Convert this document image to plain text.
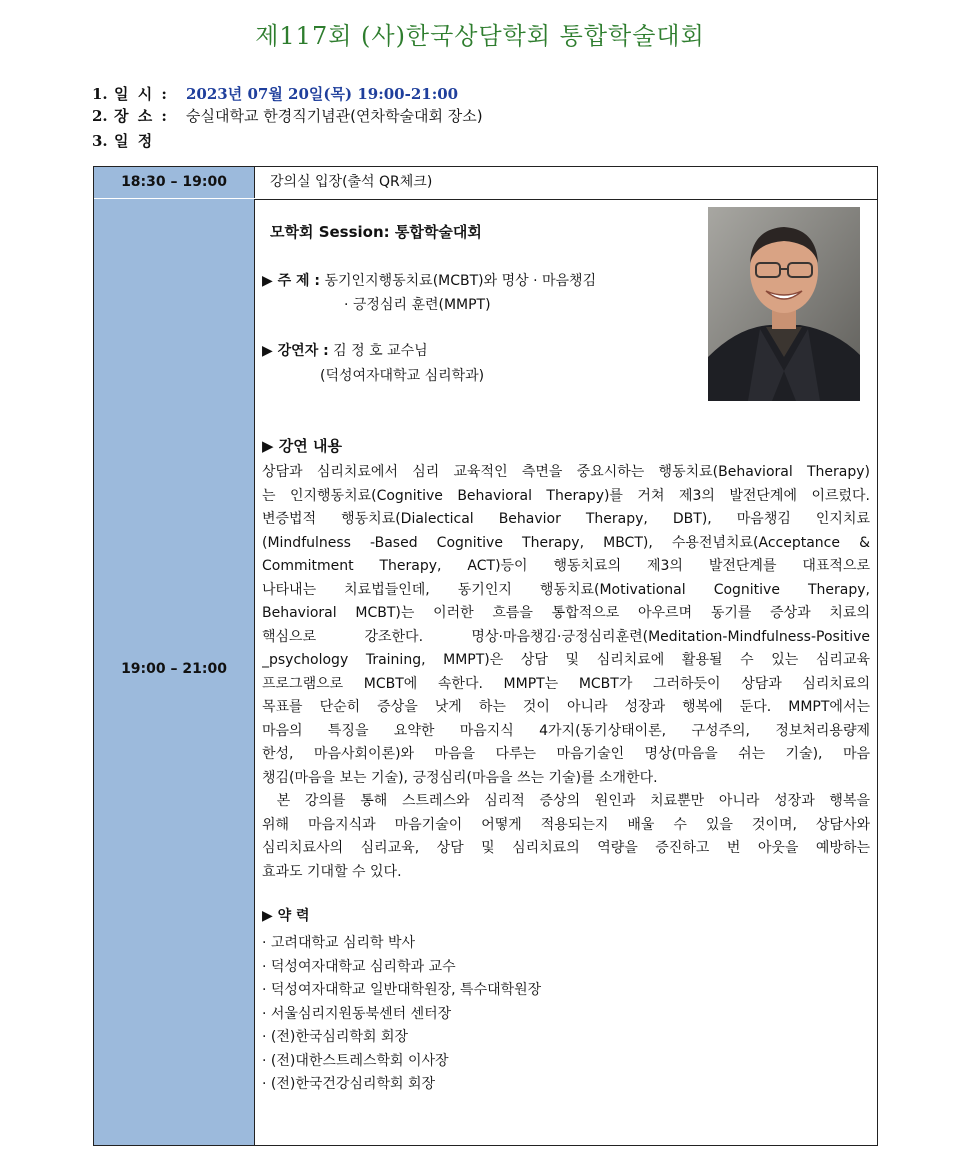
제117회 (사)한국상담학회 통합학술대회
1. 일 시 : 2023년 07월 20일(목) 19:00-21:00
2. 장 소 : 숭실대학교 한경직기념관(연차학술대회 장소)
3. 일 정
18:30 – 19:00	강의실 입장(출석 QR체크)
19:00 – 21:00
모학회 Session: 통합학술대회
▶ 주 제 : 동기인지행동치료(MCBT)와 명상 · 마음챙김
· 긍정심리 훈련(MMPT)
▶ 강연자 : 김 정 호 교수님
(덕성여자대학교 심리학과)
▶ 강연 내용
상담과 심리치료에서 심리 교육적인 측면을 중요시하는 행동치료(Behavioral Therapy)
는 인지행동치료(Cognitive Behavioral Therapy)를 거쳐 제3의 발전단계에 이르렀다.
변증법적 행동치료(Dialectical Behavior Therapy, DBT), 마음챙김 인지치료
(Mindfulness -Based Cognitive Therapy, MBCT), 수용전념치료(Acceptance &
Commitment Therapy, ACT)등이 행동치료의 제3의 발전단계를 대표적으로
나타내는 치료법들인데, 동기인지 행동치료(Motivational Cognitive Therapy,
Behavioral MCBT)는 이러한 흐름을 통합적으로 아우르며 동기를 증상과 치료의
핵심으로 강조한다. 명상·마음챙김·긍정심리훈련(Meditation-Mindfulness-Positive
_psychology Training, MMPT)은 상담 및 심리치료에 활용될 수 있는 심리교육
프로그램으로 MCBT에 속한다. MMPT는 MCBT가 그러하듯이 상담과 심리치료의
목표를 단순히 증상을 낫게 하는 것이 아니라 성장과 행복에 둔다. MMPT에서는
마음의 특징을 요약한 마음지식 4가지(동기상태이론, 구성주의, 정보처리용량제
한성, 마음사회이론)와 마음을 다루는 마음기술인 명상(마음을 쉬는 기술), 마음
챙김(마음을 보는 기술), 긍정심리(마음을 쓰는 기술)를 소개한다.
본 강의를 통해 스트레스와 심리적 증상의 원인과 치료뿐만 아니라 성장과 행복을
위해 마음지식과 마음기술이 어떻게 적용되는지 배울 수 있을 것이며, 상담사와
심리치료사의 심리교육, 상담 및 심리치료의 역량을 증진하고 번 아웃을 예방하는
효과도 기대할 수 있다.
▶ 약 력
· 고려대학교 심리학 박사
· 덕성여자대학교 심리학과 교수
· 덕성여자대학교 일반대학원장, 특수대학원장
· 서울심리지원동북센터 센터장
· (전)한국심리학회 회장
· (전)대한스트레스학회 이사장
· (전)한국건강심리학회 회장
